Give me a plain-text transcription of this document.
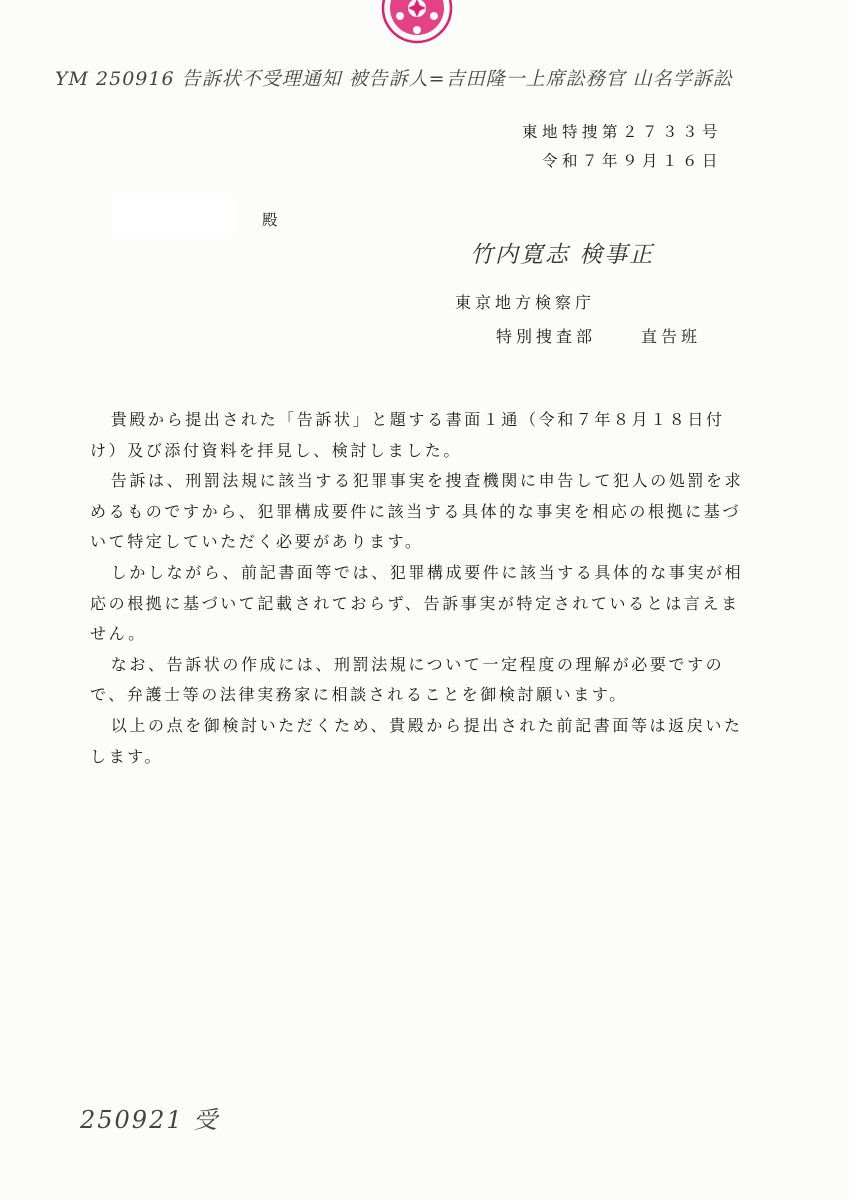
YM 250916 告訴状不受理通知 被告訴人=吉田隆一上席訟務官 山名学訴訟
東地特捜第２７３３号
令和７年９月１６日
殿
竹内寛志 検事正
東京地方検察庁
特別捜査部	直告班

貴殿から提出された「告訴状」と題する書面１通（令和７年８月１８日付け）及び添付資料を拝見し、検討しました。

告訴は、刑罰法規に該当する犯罪事実を捜査機関に申告して犯人の処罰を求めるものですから、犯罪構成要件に該当する具体的な事実を相応の根拠に基づいて特定していただく必要があります。

しかしながら、前記書面等では、犯罪構成要件に該当する具体的な事実が相応の根拠に基づいて記載されておらず、告訴事実が特定されているとは言えません。

なお、告訴状の作成には、刑罰法規について一定程度の理解が必要ですので、弁護士等の法律実務家に相談されることを御検討願います。

以上の点を御検討いただくため、貴殿から提出された前記書面等は返戻いたします。

250921 受
